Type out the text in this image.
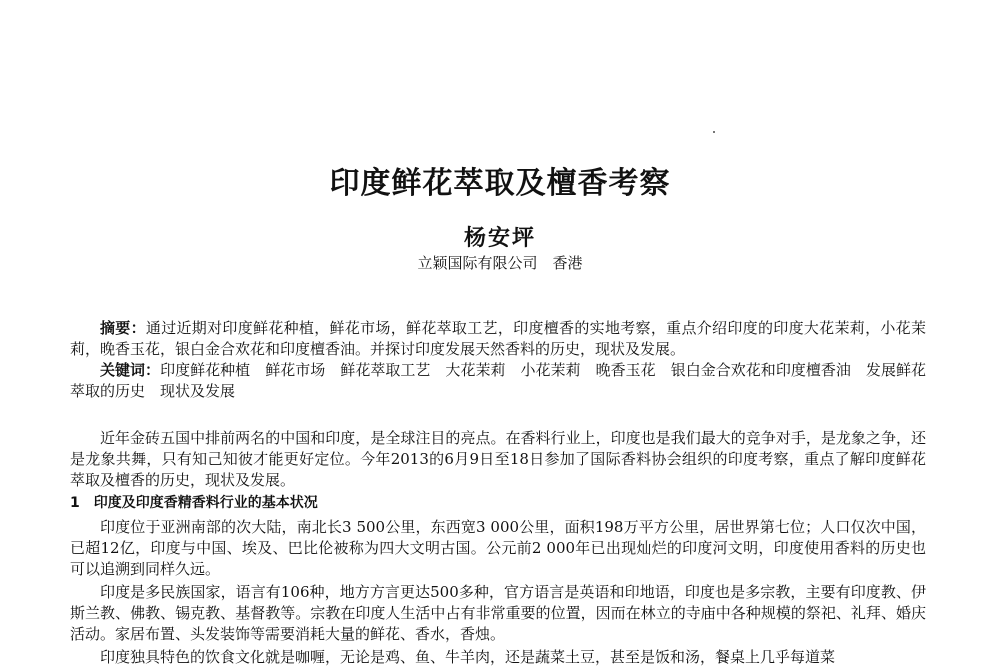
印度鲜花萃取及檀香考察
杨安坪
立颖国际有限公司　香港
摘要：通过近期对印度鲜花种植，鲜花市场，鲜花萃取工艺，印度檀香的实地考察，重点介绍印度的印度大花茉莉，小花茉莉，晚香玉花，银白金合欢花和印度檀香油。并探讨印度发展天然香料的历史，现状及发展。
关键词：印度鲜花种植　鲜花市场　鲜花萃取工艺　大花茉莉　小花茉莉　晚香玉花　银白金合欢花和印度檀香油　发展鲜花萃取的历史　现状及发展
近年金砖五国中排前两名的中国和印度，是全球注目的亮点。在香料行业上，印度也是我们最大的竞争对手，是龙象之争，还是龙象共舞，只有知己知彼才能更好定位。今年2013的6月9日至18日参加了国际香料协会组织的印度考察，重点了解印度鲜花萃取及檀香的历史，现状及发展。
1　印度及印度香精香料行业的基本状况
印度位于亚洲南部的次大陆，南北长3 500公里，东西宽3 000公里，面积198万平方公里，居世界第七位；人口仅次中国，已超12亿，印度与中国、埃及、巴比伦被称为四大文明古国。公元前2 000年已出现灿烂的印度河文明，印度使用香料的历史也可以追溯到同样久远。
印度是多民族国家，语言有106种，地方方言更达500多种，官方语言是英语和印地语，印度也是多宗教，主要有印度教、伊斯兰教、佛教、锡克教、基督教等。宗教在印度人生活中占有非常重要的位置，因而在林立的寺庙中各种规模的祭祀、礼拜、婚庆活动。家居布置、头发装饰等需要消耗大量的鲜花、香水，香烛。
印度独具特色的饮食文化就是咖喱，无论是鸡、鱼、牛羊肉，还是蔬菜土豆，甚至是饭和汤，餐桌上几乎每道菜
